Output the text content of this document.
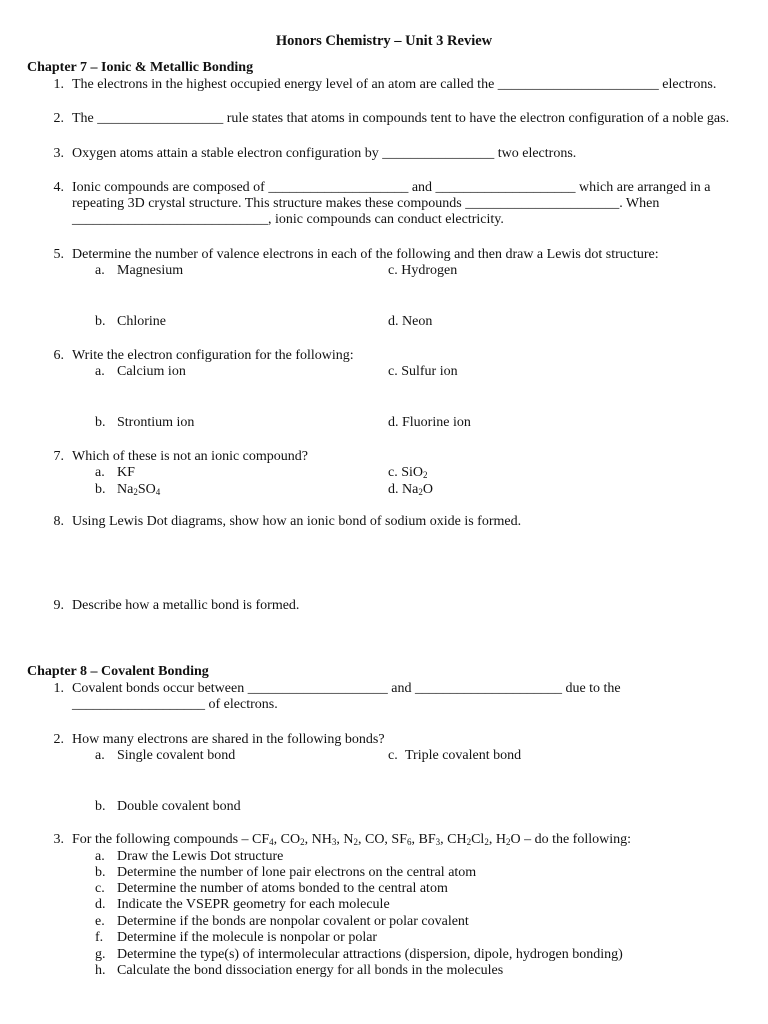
Honors Chemistry – Unit 3 Review
Chapter 7 – Ionic & Metallic Bonding
1. The electrons in the highest occupied energy level of an atom are called the _______________________ electrons.
2. The __________________ rule states that atoms in compounds tent to have the electron configuration of a noble gas.
3. Oxygen atoms attain a stable electron configuration by ________________ two electrons.
4. Ionic compounds are composed of ____________________ and ____________________ which are arranged in a
repeating 3D crystal structure. This structure makes these compounds ______________________. When
____________________________, ionic compounds can conduct electricity.
5. Determine the number of valence electrons in each of the following and then draw a Lewis dot structure:
a. Magnesium	c. Hydrogen
b. Chlorine	d. Neon
6. Write the electron configuration for the following:
a. Calcium ion	c. Sulfur ion
b. Strontium ion	d. Fluorine ion
7. Which of these is not an ionic compound?
a. KF	c. SiO$_2$
b. $Na_2SO_4$	d. $Na_2O$
8. Using Lewis Dot diagrams, show how an ionic bond of sodium oxide is formed.
9. Describe how a metallic bond is formed.
Chapter 8 – Covalent Bonding
1. Covalent bonds occur between ____________________ and _____________________ due to the
___________________ of electrons.
2. How many electrons are shared in the following bonds?
a. Single covalent bond	c. Triple covalent bond
b. Double covalent bond
3. For the following compounds – $CF_4$, $CO_2$, $NH_3$, $N_2$, CO, $SF_6$, $BF_3$, $CH_2Cl_2$, $H_2O$ – do the following:
a. Draw the Lewis Dot structure
b. Determine the number of lone pair electrons on the central atom
c. Determine the number of atoms bonded to the central atom
d. Indicate the VSEPR geometry for each molecule
e. Determine if the bonds are nonpolar covalent or polar covalent
f. Determine if the molecule is nonpolar or polar
g. Determine the type(s) of intermolecular attractions (dispersion, dipole, hydrogen bonding)
h. Calculate the bond dissociation energy for all bonds in the molecules
